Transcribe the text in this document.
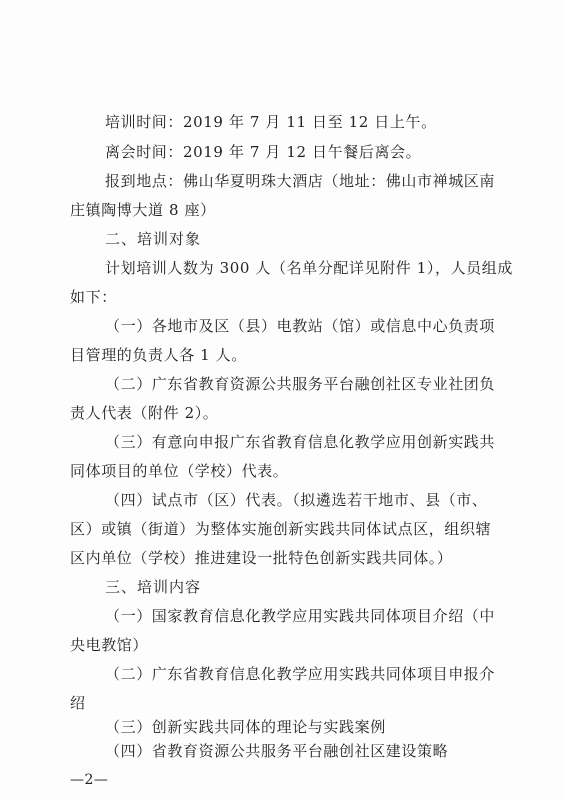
培训时间：2019 年 7 月 11 日至 12 日上午。
离会时间：2019 年 7 月 12 日午餐后离会。
报到地点：佛山华夏明珠大酒店（地址：佛山市禅城区南
庄镇陶博大道 8 座）
二、培训对象
计划培训人数为 300 人（名单分配详见附件 1），人员组成
如下：
（一）各地市及区（县）电教站（馆）或信息中心负责项
目管理的负责人各 1 人。
（二）广东省教育资源公共服务平台融创社区专业社团负
责人代表（附件 2）。
（三）有意向申报广东省教育信息化教学应用创新实践共
同体项目的单位（学校）代表。
（四）试点市（区）代表。（拟遴选若干地市、县（市、
区）或镇（街道）为整体实施创新实践共同体试点区，组织辖
区内单位（学校）推进建设一批特色创新实践共同体。）
三、培训内容
（一）国家教育信息化教学应用实践共同体项目介绍（中
央电教馆）
（二）广东省教育信息化教学应用实践共同体项目申报介
绍
（三）创新实践共同体的理论与实践案例
（四）省教育资源公共服务平台融创社区建设策略
—2—
